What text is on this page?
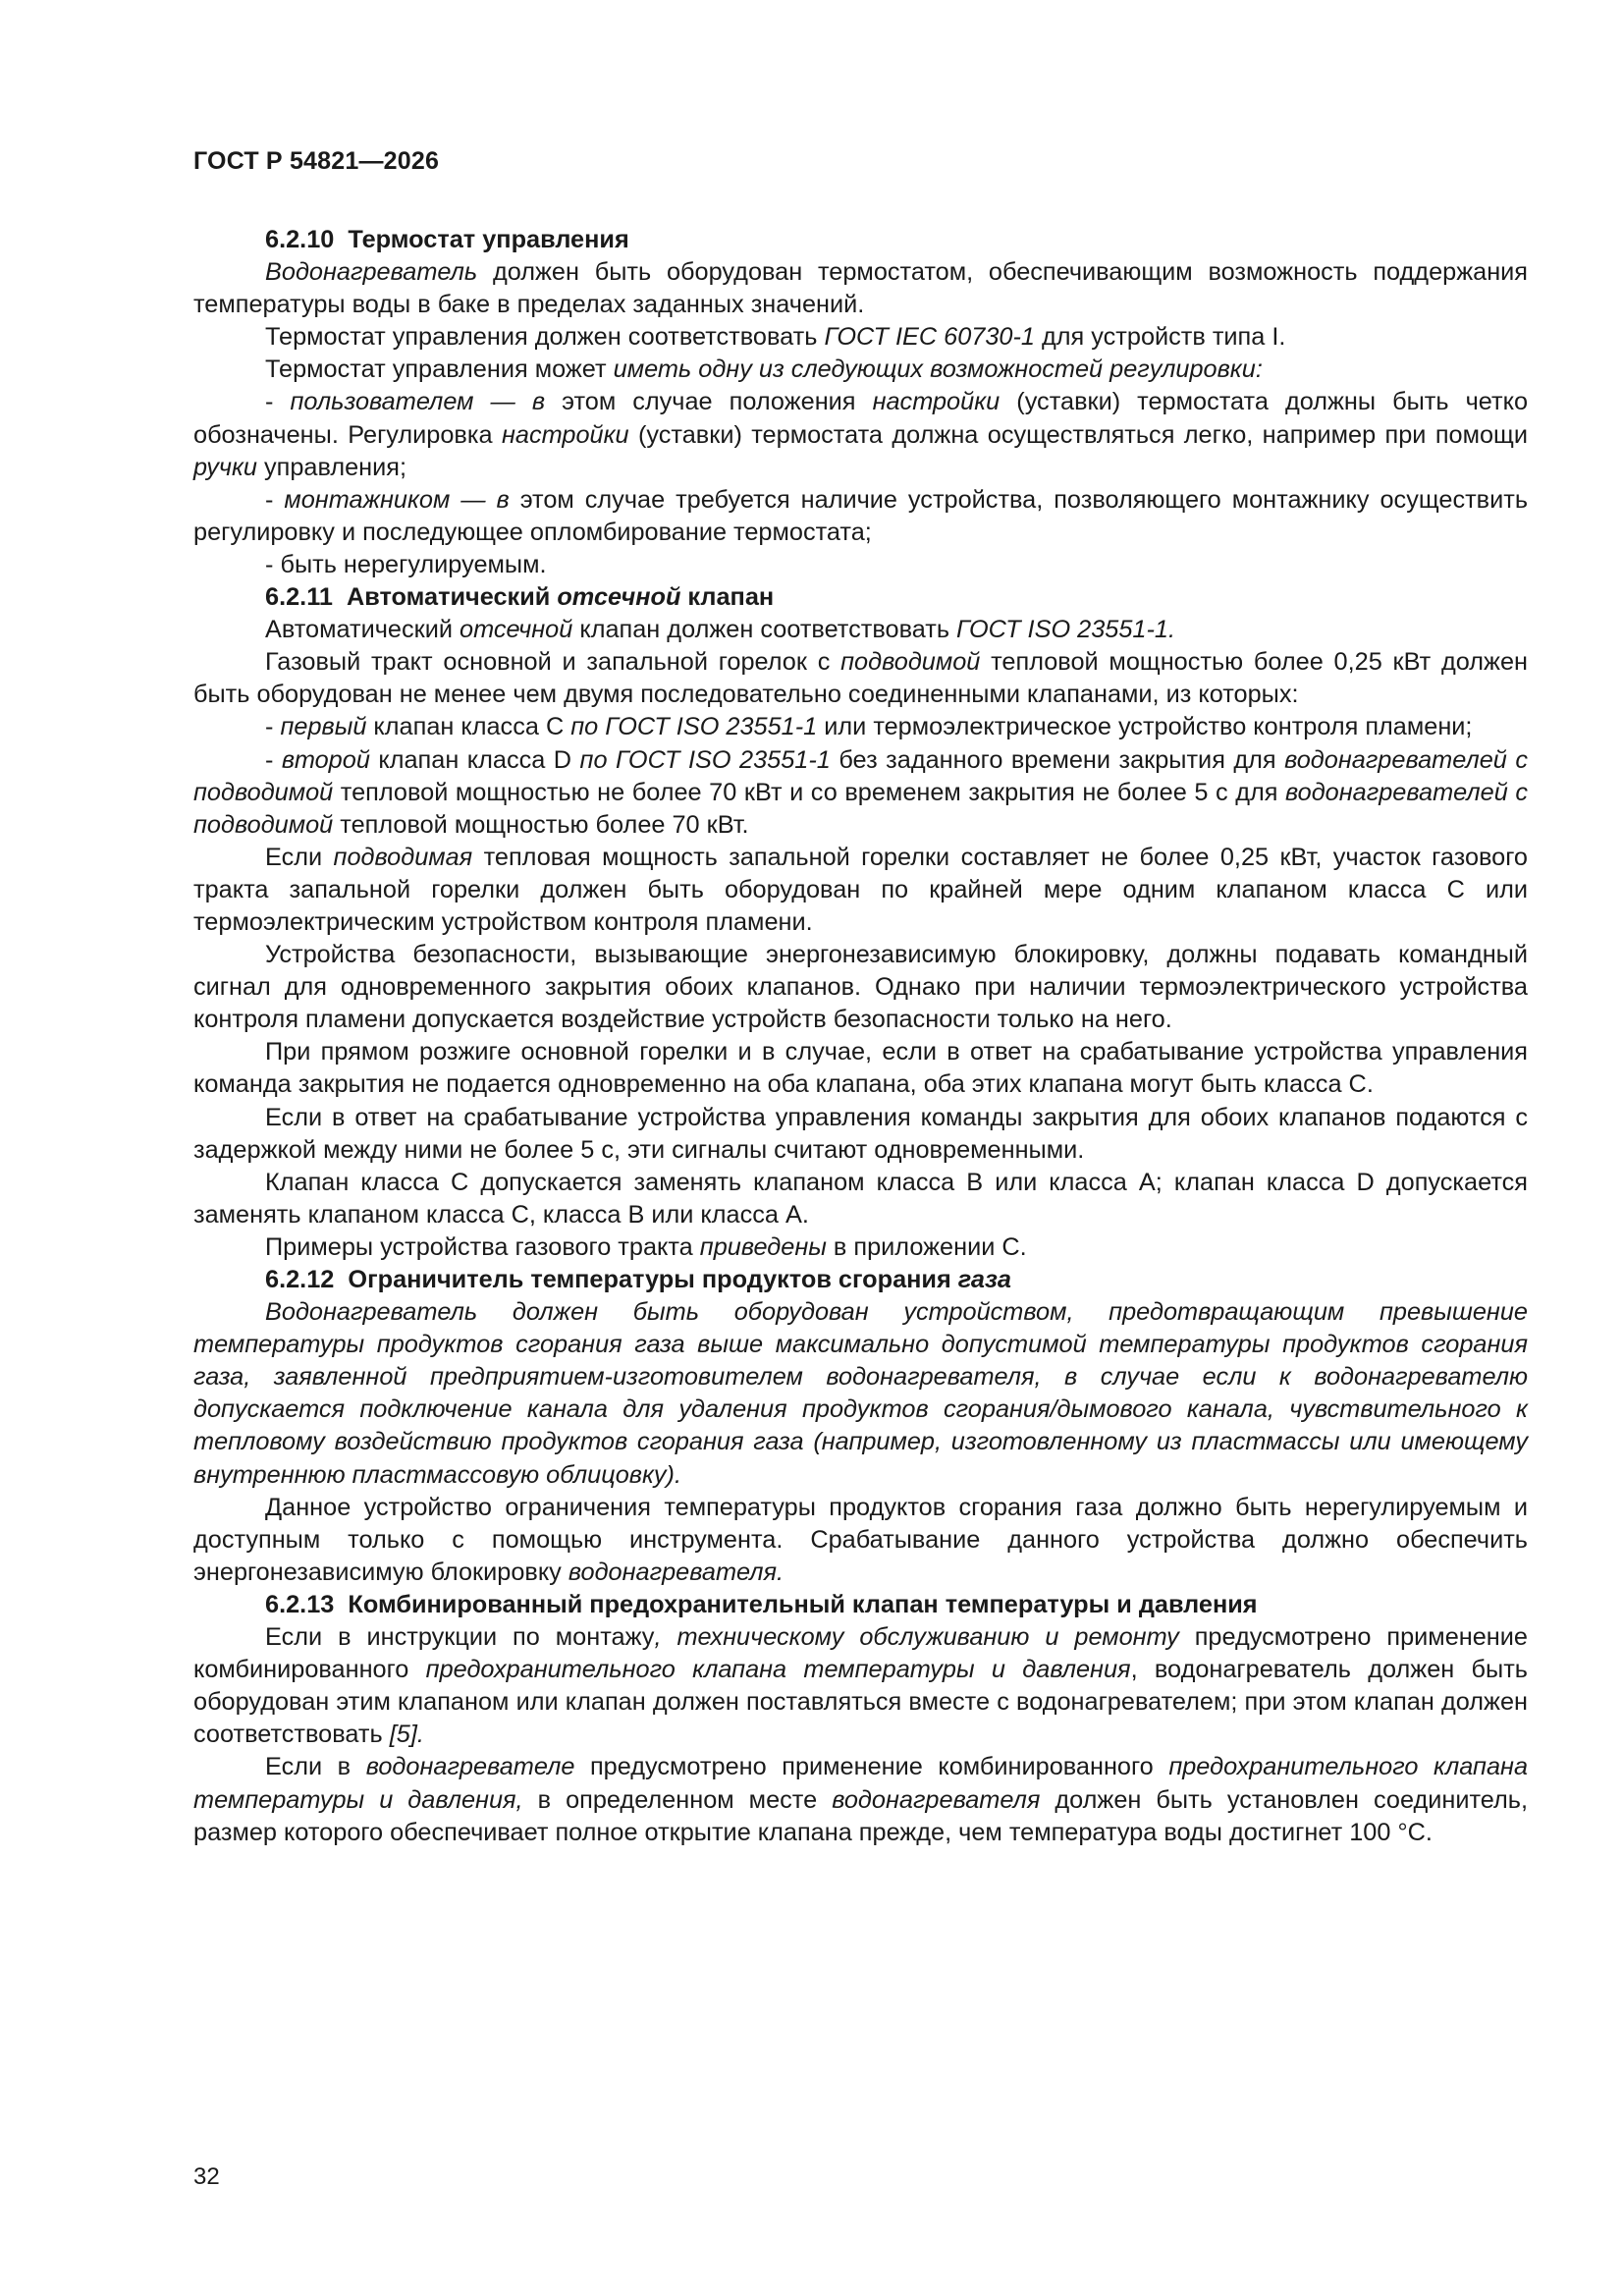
ГОСТ Р 54821—2026

6.2.10 Термостат управления

Водонагреватель должен быть оборудован термостатом, обеспечивающим возможность поддержания температуры воды в баке в пределах заданных значений.

Термостат управления должен соответствовать ГОСТ IEC 60730-1 для устройств типа I.

Термостат управления может иметь одну из следующих возможностей регулировки:

- пользователем — в этом случае положения настройки (уставки) термостата должны быть четко обозначены. Регулировка настройки (уставки) термостата должна осуществляться легко, например при помощи ручки управления;

- монтажником — в этом случае требуется наличие устройства, позволяющего монтажнику осуществить регулировку и последующее опломбирование термостата;

- быть нерегулируемым.

6.2.11 Автоматический отсечной клапан

Автоматический отсечной клапан должен соответствовать ГОСТ ISO 23551-1.

Газовый тракт основной и запальной горелок с подводимой тепловой мощностью более 0,25 кВт должен быть оборудован не менее чем двумя последовательно соединенными клапанами, из которых:

- первый клапан класса С по ГОСТ ISO 23551-1 или термоэлектрическое устройство контроля пламени;

- второй клапан класса D по ГОСТ ISO 23551-1 без заданного времени закрытия для водонагревателей с подводимой тепловой мощностью не более 70 кВт и со временем закрытия не более 5 с для водонагревателей с подводимой тепловой мощностью более 70 кВт.

Если подводимая тепловая мощность запальной горелки составляет не более 0,25 кВт, участок газового тракта запальной горелки должен быть оборудован по крайней мере одним клапаном класса С или термоэлектрическим устройством контроля пламени.

Устройства безопасности, вызывающие энергонезависимую блокировку, должны подавать командный сигнал для одновременного закрытия обоих клапанов. Однако при наличии термоэлектрического устройства контроля пламени допускается воздействие устройств безопасности только на него.

При прямом розжиге основной горелки и в случае, если в ответ на срабатывание устройства управления команда закрытия не подается одновременно на оба клапана, оба этих клапана могут быть класса С.

Если в ответ на срабатывание устройства управления команды закрытия для обоих клапанов подаются с задержкой между ними не более 5 с, эти сигналы считают одновременными.

Клапан класса С допускается заменять клапаном класса В или класса А; клапан класса D допускается заменять клапаном класса С, класса В или класса А.

Примеры устройства газового тракта приведены в приложении С.

6.2.12 Ограничитель температуры продуктов сгорания газа

Водонагреватель должен быть оборудован устройством, предотвращающим превышение температуры продуктов сгорания газа выше максимально допустимой температуры продуктов сгорания газа, заявленной предприятием-изготовителем водонагревателя, в случае если к водонагревателю допускается подключение канала для удаления продуктов сгорания/дымового канала, чувствительного к тепловому воздействию продуктов сгорания газа (например, изготовленному из пластмассы или имеющему внутреннюю пластмассовую облицовку).

Данное устройство ограничения температуры продуктов сгорания газа должно быть нерегулируемым и доступным только с помощью инструмента. Срабатывание данного устройства должно обеспечить энергонезависимую блокировку водонагревателя.

6.2.13 Комбинированный предохранительный клапан температуры и давления

Если в инструкции по монтажу, техническому обслуживанию и ремонту предусмотрено применение комбинированного предохранительного клапана температуры и давления, водонагреватель должен быть оборудован этим клапаном или клапан должен поставляться вместе с водонагревателем; при этом клапан должен соответствовать [5].

Если в водонагревателе предусмотрено применение комбинированного предохранительного клапана температуры и давления, в определенном месте водонагревателя должен быть установлен соединитель, размер которого обеспечивает полное открытие клапана прежде, чем температура воды достигнет 100 °С.

32
